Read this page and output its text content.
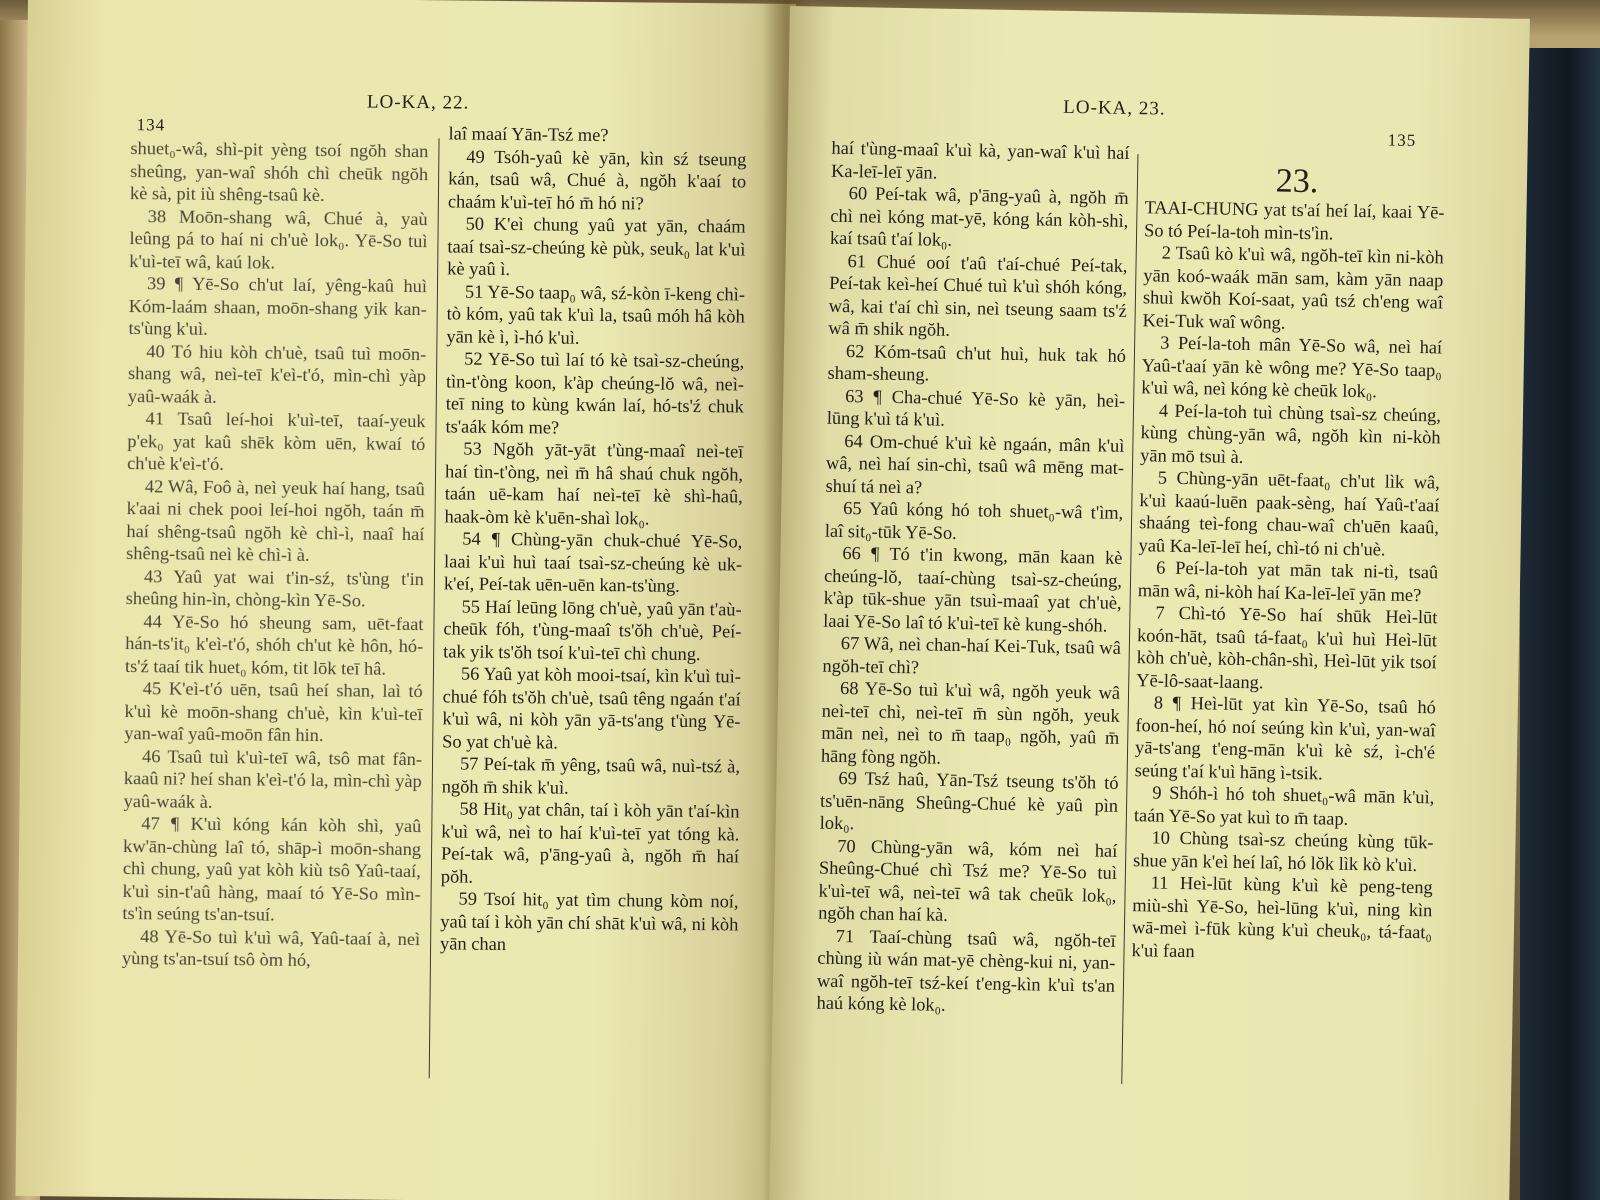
134
LO-KA, 22.
shuet₀-wâ, shì-pit yèng tsoí ngŏh shan sheûng, yan-waî shóh chì cheūk ngŏh kè sà, pit iù shêng-tsaû kè.
38 Moōn-shang wâ, Chué à, yaù leûng pá to haí ni ch'uè lok₀. Yē-So tuì k'uì-teī wâ, kaú lok.
39 ¶ Yē-So ch'ut laí, yêng-kaû huì Kóm-laám shaan, moōn-shang yik kan-ts'ùng k'uì.
40 Tó hiu kòh ch'uè, tsaû tuì moōn-shang wâ, neì-teī k'eì-t'ó, mìn-chì yàp yaû-waák à.
41 Tsaû leí-hoi k'uì-teī, taaí-yeuk p'ek₀ yat kaû shēk kòm uēn, kwaí tó ch'uè k'eì-t'ó.
42 Wâ, Foô à, neì yeuk haí hang, tsaû k'aai ni chek pooi leí-hoi ngŏh, taán m̄ haí shêng-tsaû ngŏh kè chì-ì, naaî haí shêng-tsaû neì kè chì-ì à.
43 Yaû yat wai t'in-sź, ts'ùng t'in sheûng hin-ìn, chòng-kìn Yē-So.
44 Yē-So hó sheung sam, uēt-faat hán-ts'it₀ k'eì-t'ó, shóh ch'ut kè hôn, hó-ts'ź taaí tik huet₀ kóm, tit lōk teī hâ.
45 K'eì-t'ó uēn, tsaû heí shan, laì tó k'uì kè moōn-shang ch'uè, kìn k'uì-teī yan-waî yaû-moōn fân hin.
46 Tsaû tuì k'uì-teī wâ, tsô mat fân-kaaû ni? heí shan k'eì-t'ó la, mìn-chì yàp yaû-waák à.
47 ¶ K'uì kóng kán kòh shì, yaû kw'ān-chùng laî tó, shāp-ì moōn-shang chì chung, yaû yat kòh kiù tsô Yaû-taaí, k'uì sin-t'aû hàng, maaí tó Yē-So mìn-ts'ìn seúng ts'an-tsuí.
48 Yē-So tuì k'uì wâ, Yaû-taaí à, neì yùng ts'an-tsuí tsô òm hó,
laî maaí Yān-Tsź me?
49 Tsóh-yaû kè yān, kìn sź tseung kán, tsaû wâ, Chué à, ngŏh k'aaí to chaám k'uì-teī hó m̄ hó ni?
50 K'eì chung yaû yat yān, chaám taaí tsaì-sz-cheúng kè pùk, seuk₀ lat k'uì kè yaû ì.
51 Yē-So taap₀ wâ, sź-kòn ī-keng chì-tò kóm, yaû tak k'uì la, tsaû móh hâ kòh yān kè ì, ì-hó k'uì.
52 Yē-So tuì laí tó kè tsaì-sz-cheúng, tìn-t'òng koon, k'àp cheúng-lŏ wâ, neì-teī ning to kùng kwán laí, hó-ts'ź chuk ts'aák kóm me?
53 Ngŏh yāt-yāt t'ùng-maaî neì-teī haí tìn-t'òng, neì m̄ hâ shaú chuk ngŏh, taán uē-kam haí neì-teī kè shì-haû, haak-òm kè k'uēn-shaì lok₀.
54 ¶ Chùng-yān chuk-chué Yē-So, laai k'uì huì taaí tsaì-sz-cheúng kè uk-k'eí, Peí-tak uēn-uēn kan-ts'ùng.
55 Haí leūng lōng ch'uè, yaû yān t'aù-cheūk fóh, t'ùng-maaî ts'ŏh ch'uè, Peí-tak yik ts'ŏh tsoí k'uì-teī chì chung.
56 Yaû yat kòh mooi-tsaí, kìn k'uì tuì-chué fóh ts'ŏh ch'uè, tsaû têng ngaán t'aí k'uì wâ, ni kòh yān yā-ts'ang t'ùng Yē-So yat ch'uè kà.
57 Peí-tak m̄ yêng, tsaû wâ, nuì-tsź à, ngŏh m̄ shik k'uì.
58 Hit₀ yat chân, taí ì kòh yān t'aí-kìn k'uì wâ, neì to haí k'uì-teī yat tóng kà. Peí-tak wâ, p'āng-yaû à, ngŏh m̄ haí pŏh.
59 Tsoí hit₀ yat tìm chung kòm noí, yaû taí ì kòh yān chí shāt k'uì wâ, ni kòh yān chan
LO-KA, 23.
135
haí t'ùng-maaî k'uì kà, yan-waî k'uì haí Ka-leī-leī yān.
60 Peí-tak wâ, p'āng-yaû à, ngŏh m̄ chì neì kóng mat-yē, kóng kán kòh-shì, kaí tsaû t'aí lok₀.
61 Chué ooí t'aû t'aí-chué Peí-tak, Peí-tak keì-heí Chué tuì k'uì shóh kóng, wâ, kai t'aí chì sin, neì tseung saam ts'ź wâ m̄ shik ngŏh.
62 Kóm-tsaû ch'ut huì, huk tak hó sham-sheung.
63 ¶ Cha-chué Yē-So kè yān, heì-lūng k'uì tá k'uì.
64 Om-chué k'uì kè ngaán, mân k'uì wâ, neì haí sin-chì, tsaû wâ mēng mat-shuí tá neì a?
65 Yaû kóng hó toh shuet₀-wâ t'ìm, laî sit₀-tūk Yē-So.
66 ¶ Tó t'in kwong, mān kaan kè cheúng-lŏ, taaí-chùng tsaì-sz-cheúng, k'àp tūk-shue yān tsuì-maaî yat ch'uè, laai Yē-So laî tó k'uì-teī kè kung-shóh.
67 Wâ, neì chan-haí Kei-Tuk, tsaû wâ ngŏh-teī chì?
68 Yē-So tuì k'uì wâ, ngŏh yeuk wâ neì-teī chì, neì-teī m̄ sùn ngŏh, yeuk mān neì, neì to m̄ taap₀ ngŏh, yaû m̄ hāng fòng ngŏh.
69 Tsź haû, Yān-Tsź tseung ts'ŏh tó ts'uēn-nāng Sheûng-Chué kè yaû pìn lok₀.
70 Chùng-yān wâ, kóm neì haí Sheûng-Chué chì Tsź me? Yē-So tuì k'uì-teī wâ, neì-teī wâ tak cheūk lok₀, ngŏh chan haí kà.
71 Taaí-chùng tsaû wâ, ngŏh-teī chùng iù wán mat-yē chèng-kui ni, yan-waî ngŏh-teī tsź-keí t'eng-kìn k'uì ts'an haú kóng kè lok₀.
23.
TAAI-CHUNG yat ts'aí heí laí, kaai Yē-So tó Peí-la-toh mìn-ts'ìn.
2 Tsaû kò k'uì wâ, ngŏh-teī kìn ni-kòh yān koó-waák mān sam, kàm yān naap shuì kwŏh Koí-saat, yaû tsź ch'eng waî Kei-Tuk waî wông.
3 Peí-la-toh mân Yē-So wâ, neì haí Yaû-t'aaí yān kè wông me? Yē-So taap₀ k'uì wâ, neì kóng kè cheūk lok₀.
4 Peí-la-toh tuì chùng tsaì-sz cheúng, kùng chùng-yān wâ, ngŏh kìn ni-kòh yān mō tsuì à.
5 Chùng-yān uēt-faat₀ ch'ut lìk wâ, k'uì kaaú-luēn paak-sèng, haí Yaû-t'aaí shaáng teì-fong chau-waî ch'uēn kaaû, yaû Ka-leī-leī heí, chì-tó ni ch'uè.
6 Peí-la-toh yat mān tak ni-tì, tsaû mān wâ, ni-kòh haí Ka-leī-leī yān me?
7 Chì-tó Yē-So haí shūk Heì-lūt koón-hāt, tsaû tá-faat₀ k'uì huì Heì-lūt kòh ch'uè, kòh-chân-shì, Heì-lūt yik tsoí Yē-lô-saat-laang.
8 ¶ Heì-lūt yat kìn Yē-So, tsaû hó foon-heí, hó noí seúng kìn k'uì, yan-waî yā-ts'ang t'eng-mān k'uì kè sź, ì-ch'é seúng t'aí k'uì hāng ì-tsik.
9 Shóh-ì hó toh shuet₀-wâ mān k'uì, taán Yē-So yat kuì to m̄ taap.
10 Chùng tsaì-sz cheúng kùng tūk-shue yān k'eì heí laî, hó lŏk lìk kò k'uì.
11 Heì-lūt kùng k'uì kè peng-teng miù-shì Yē-So, heì-lūng k'uì, ning kìn wā-meì ì-fūk kùng k'uì cheuk₀, tá-faat₀ k'uì faan
